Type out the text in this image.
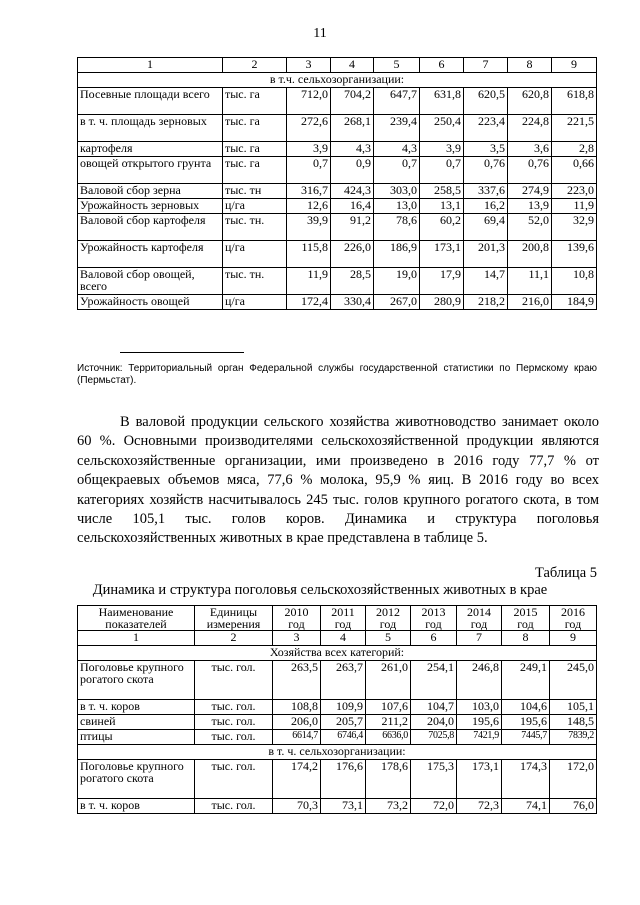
11
1	2	3	4	5	6	7	8	9
в т.ч. сельхозорганизации:								
Посевные площади всего	тыс. га	712,0	704,2	647,7	631,8	620,5	620,8	618,8
в т. ч. площадь зерновых	тыс. га	272,6	268,1	239,4	250,4	223,4	224,8	221,5
картофеля	тыс. га	3,9	4,3	4,3	3,9	3,5	3,6	2,8
овощей открытого грунта	тыс. га	0,7	0,9	0,7	0,7	0,76	0,76	0,66
Валовой сбор зерна	тыс. тн	316,7	424,3	303,0	258,5	337,6	274,9	223,0
Урожайность зерновых	ц/га	12,6	16,4	13,0	13,1	16,2	13,9	11,9
Валовой сбор картофеля	тыс. тн.	39,9	91,2	78,6	60,2	69,4	52,0	32,9
Урожайность картофеля	ц/га	115,8	226,0	186,9	173,1	201,3	200,8	139,6
Валовой сбор овощей, всего	тыс. тн.	11,9	28,5	19,0	17,9	14,7	11,1	10,8
Урожайность овощей	ц/га	172,4	330,4	267,0	280,9	218,2	216,0	184,9
Источник: Территориальный орган Федеральной службы государственной статистики по Пермскому краю (Пермьстат).
В валовой продукции сельского хозяйства животноводство занимает около 60 %. Основными производителями сельскохозяйственной продукции являются сельскохозяйственные организации, ими произведено в 2016 году 77,7 % от общекраевых объемов мяса, 77,6 % молока, 95,9 % яиц. В 2016 году во всех категориях хозяйств насчитывалось 245 тыс. голов крупного рогатого скота, в том числе 105,1 тыс. голов коров. Динамика и структура поголовья сельскохозяйственных животных в крае представлена в таблице 5.
Таблица 5
Динамика и структура поголовья сельскохозяйственных животных в крае
Наименование показателей	Единицы измерения	2010 год	2011 год	2012 год	2013 год	2014 год	2015 год	2016 год
1	2	3	4	5	6	7	8	9
Хозяйства всех категорий:								
Поголовье крупного рогатого скота	тыс. гол.	263,5	263,7	261,0	254,1	246,8	249,1	245,0
в т. ч. коров	тыс. гол.	108,8	109,9	107,6	104,7	103,0	104,6	105,1
свиней	тыс. гол.	206,0	205,7	211,2	204,0	195,6	195,6	148,5
птицы	тыс. гол.	6614,7	6746,4	6636,0	7025,8	7421,9	7445,7	7839,2
в т. ч. сельхозорганизации:								
Поголовье крупного рогатого скота	тыс. гол.	174,2	176,6	178,6	175,3	173,1	174,3	172,0
в т. ч. коров	тыс. гол.	70,3	73,1	73,2	72,0	72,3	74,1	76,0
